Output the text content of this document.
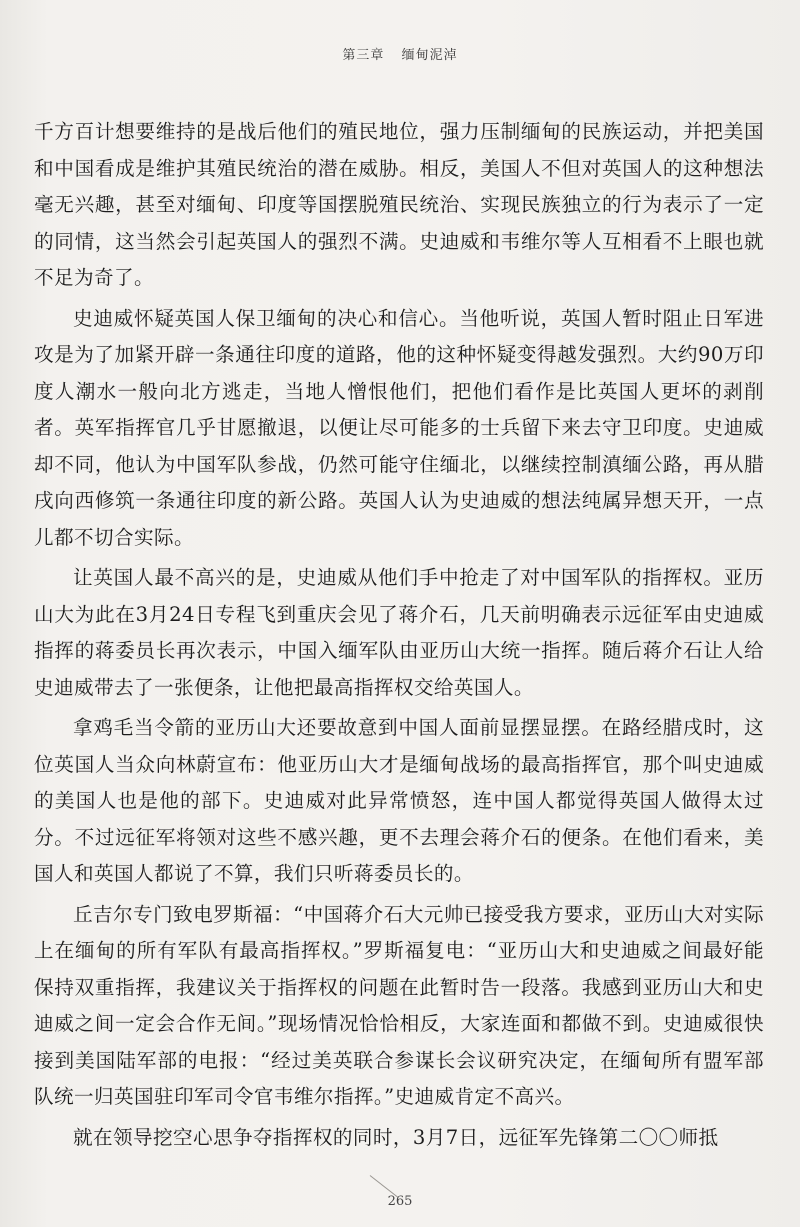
第三章 缅甸泥淖

千方百计想要维持的是战后他们的殖民地位，强力压制缅甸的民族运动，并把美国和中国看成是维护其殖民统治的潜在威胁。相反，美国人不但对英国人的这种想法毫无兴趣，甚至对缅甸、印度等国摆脱殖民统治、实现民族独立的行为表示了一定的同情，这当然会引起英国人的强烈不满。史迪威和韦维尔等人互相看不上眼也就不足为奇了。

史迪威怀疑英国人保卫缅甸的决心和信心。当他听说，英国人暂时阻止日军进攻是为了加紧开辟一条通往印度的道路，他的这种怀疑变得越发强烈。大约90万印度人潮水一般向北方逃走，当地人憎恨他们，把他们看作是比英国人更坏的剥削者。英军指挥官几乎甘愿撤退，以便让尽可能多的士兵留下来去守卫印度。史迪威却不同，他认为中国军队参战，仍然可能守住缅北，以继续控制滇缅公路，再从腊戌向西修筑一条通往印度的新公路。英国人认为史迪威的想法纯属异想天开，一点儿都不切合实际。

让英国人最不高兴的是，史迪威从他们手中抢走了对中国军队的指挥权。亚历山大为此在3月24日专程飞到重庆会见了蒋介石，几天前明确表示远征军由史迪威指挥的蒋委员长再次表示，中国入缅军队由亚历山大统一指挥。随后蒋介石让人给史迪威带去了一张便条，让他把最高指挥权交给英国人。

拿鸡毛当令箭的亚历山大还要故意到中国人面前显摆显摆。在路经腊戌时，这位英国人当众向林蔚宣布：他亚历山大才是缅甸战场的最高指挥官，那个叫史迪威的美国人也是他的部下。史迪威对此异常愤怒，连中国人都觉得英国人做得太过分。不过远征军将领对这些不感兴趣，更不去理会蒋介石的便条。在他们看来，美国人和英国人都说了不算，我们只听蒋委员长的。

丘吉尔专门致电罗斯福：“中国蒋介石大元帅已接受我方要求，亚历山大对实际上在缅甸的所有军队有最高指挥权。”罗斯福复电：“亚历山大和史迪威之间最好能保持双重指挥，我建议关于指挥权的问题在此暂时告一段落。我感到亚历山大和史迪威之间一定会合作无间。”现场情况恰恰相反，大家连面和都做不到。史迪威很快接到美国陆军部的电报：“经过美英联合参谋长会议研究决定，在缅甸所有盟军部队统一归英国驻印军司令官韦维尔指挥。”史迪威肯定不高兴。

就在领导挖空心思争夺指挥权的同时，3月7日，远征军先锋第二〇〇师抵

265
